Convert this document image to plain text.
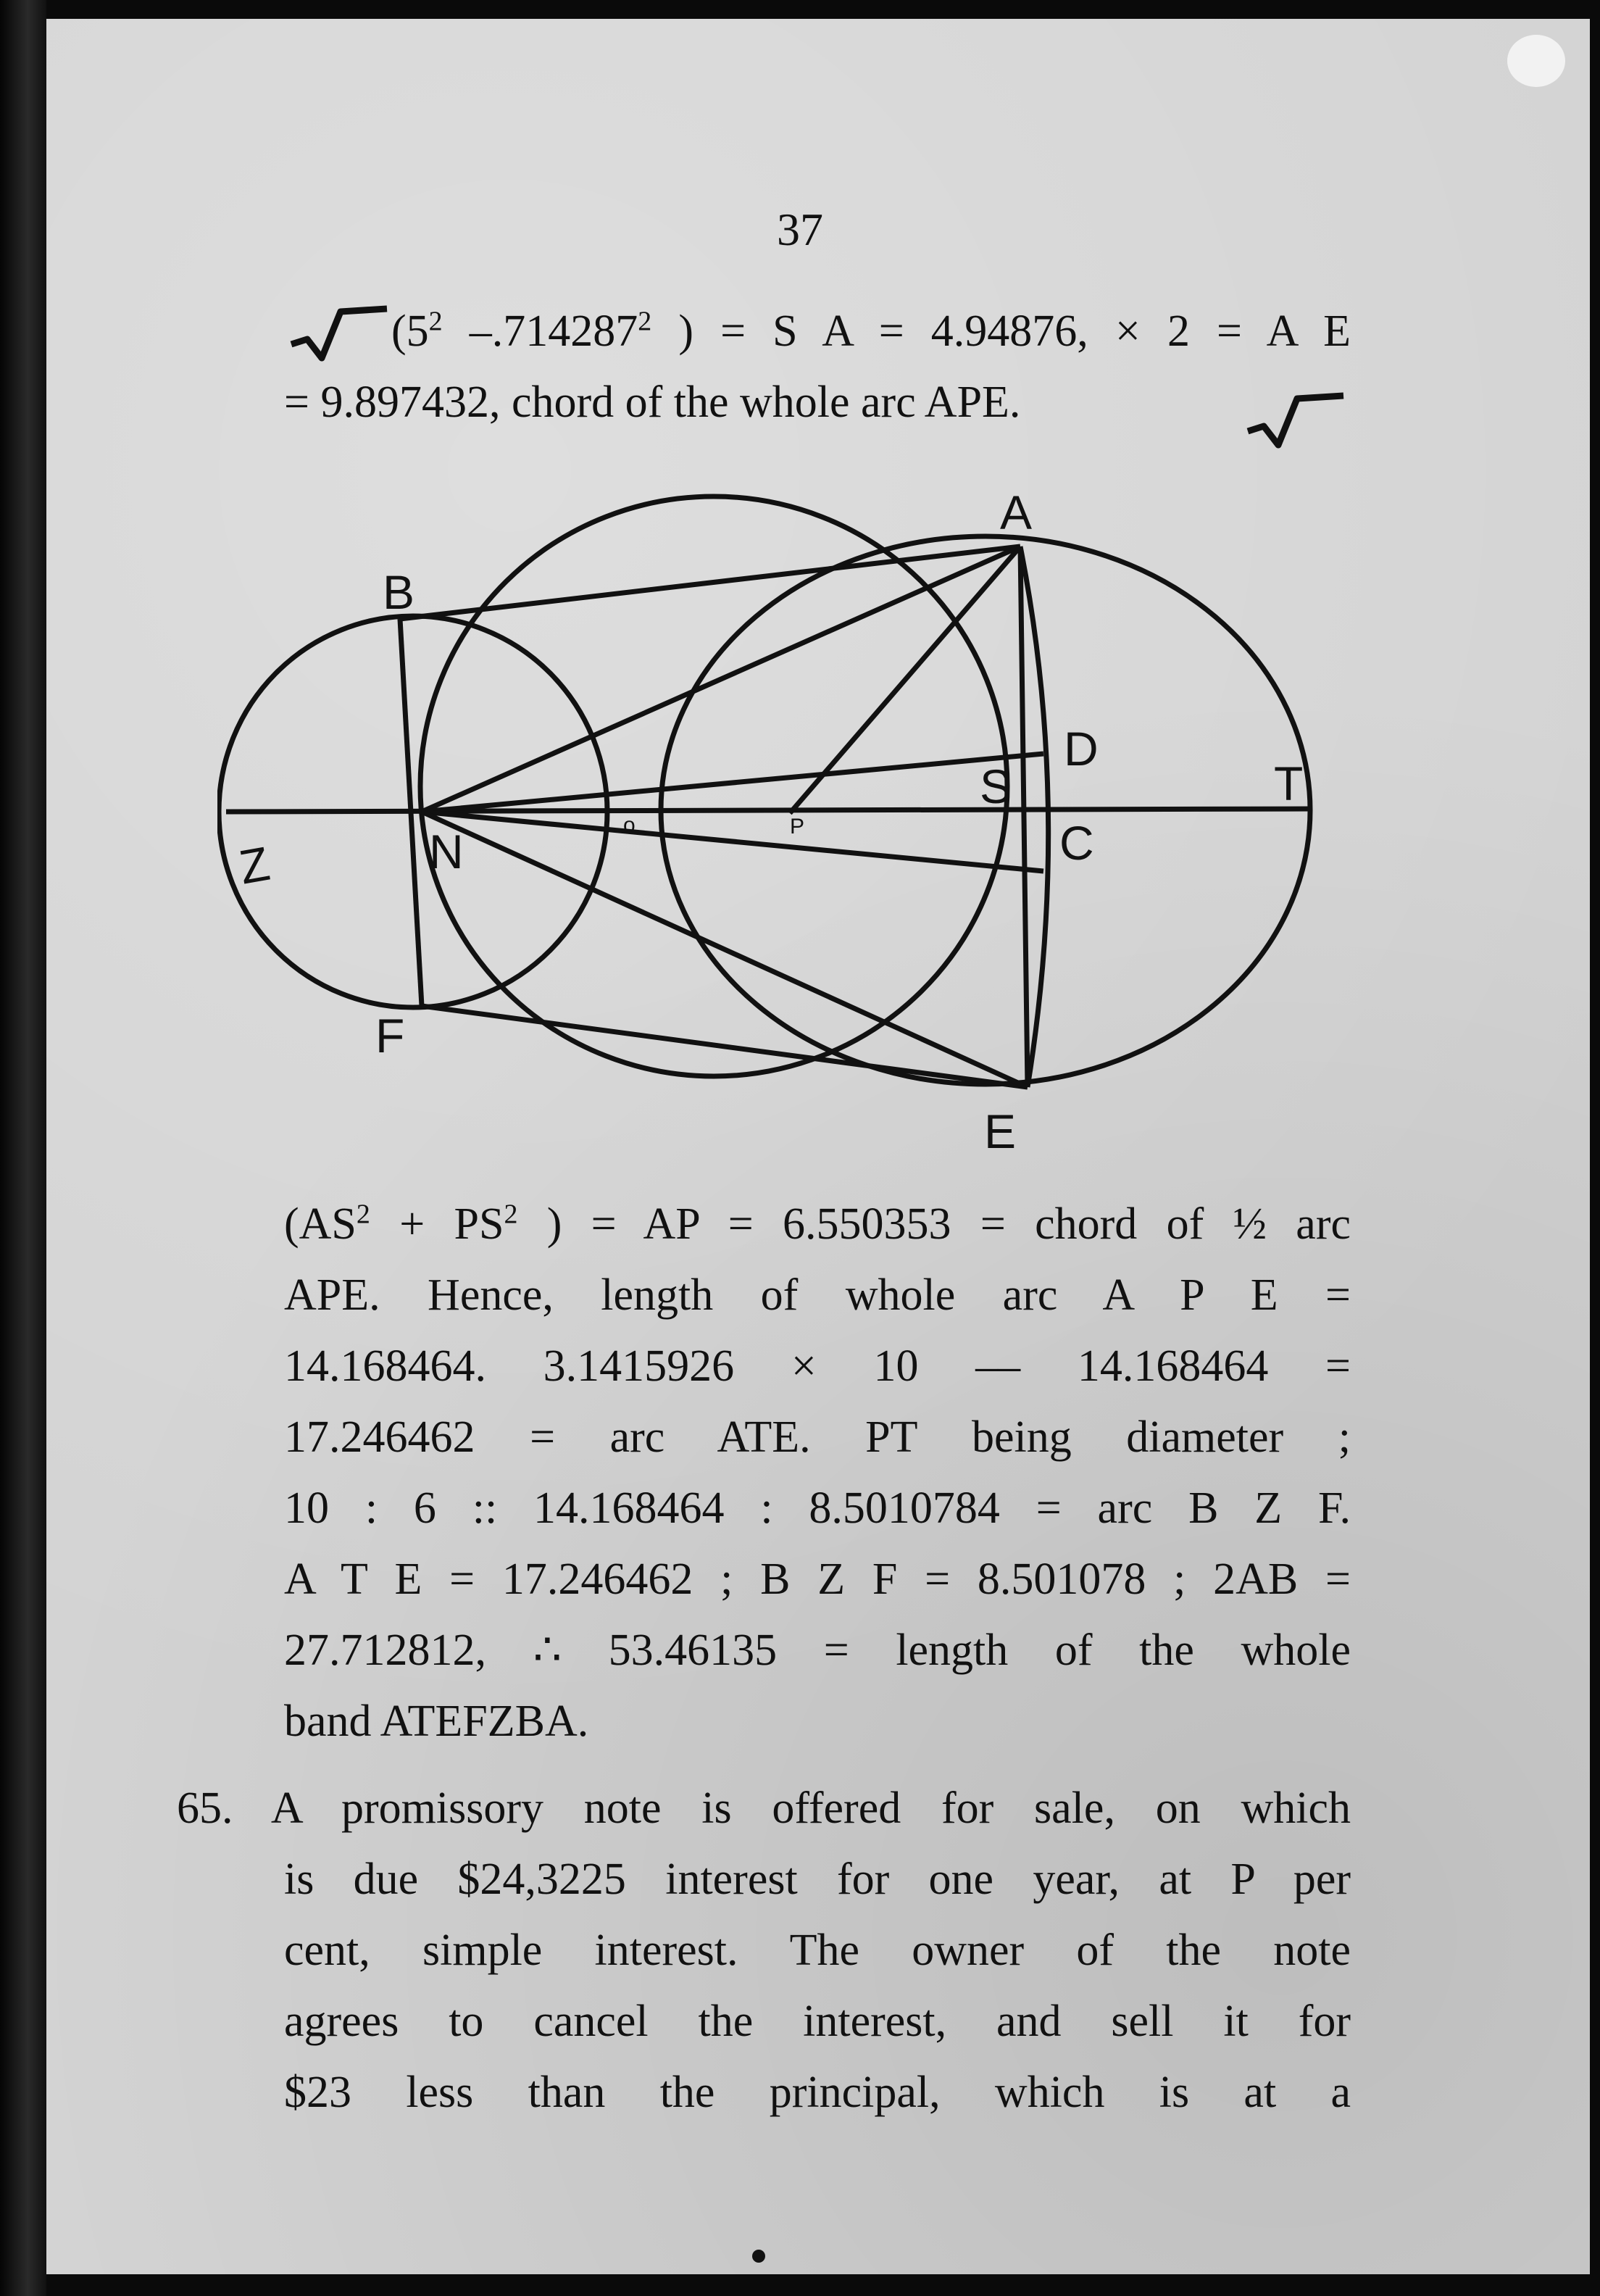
37
($5^2$ –.714287$^2$ ) = S A = 4.94876, × 2 = A E
= 9.897432, chord of the whole arc APE.
A
B
D
S	T
Z	N	o	P	C
F
E
($AS^2 + PS^2$ ) = AP = 6.550353 = chord of ½ arc
APE. Hence, length of whole arc A P E =
14.168464. 3.1415926 × 10 –– 14.168464 =
17.246462 = arc ATE. PT being diameter ;
10 : 6 :: 14.168464 : 8.5010784 = arc B Z F.
A T E = 17.246462 ; B Z F = 8.501078 ; 2AB =
27.712812, ∴ 53.46135 = length of the whole
band ATEFZBA.
65. A promissory note is offered for sale, on which
is due $24,3225 interest for one year, at P per
cent, simple interest. The owner of the note
agrees to cancel the interest, and sell it for
$23 less than the principal, which is at a
